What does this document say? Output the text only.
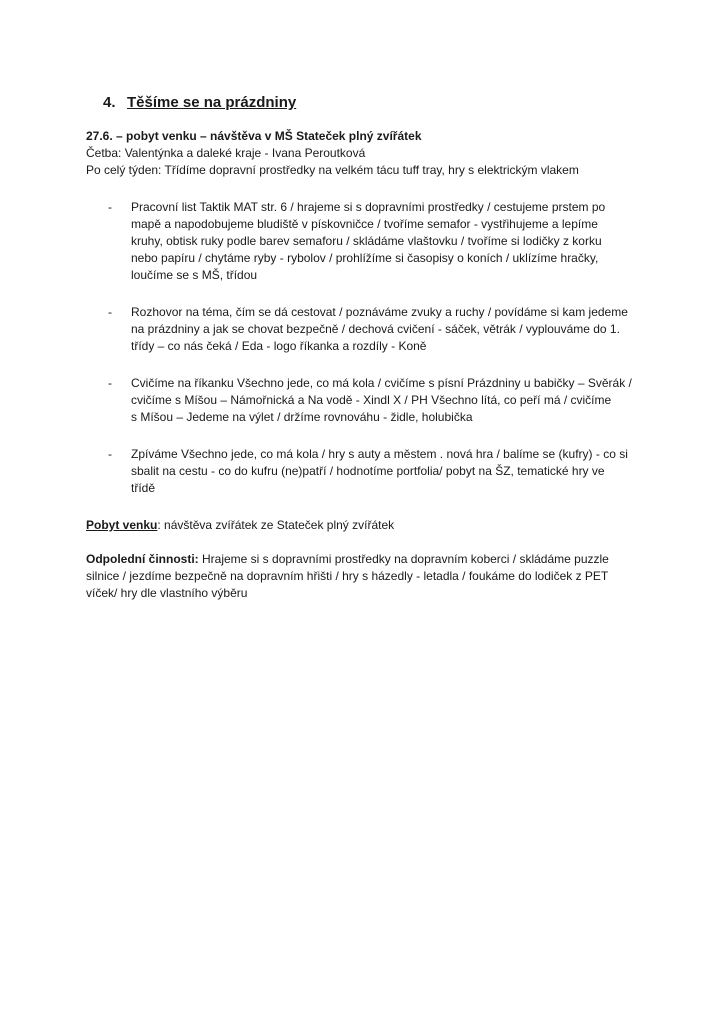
4. Těšíme se na prázdniny
27.6. – pobyt venku – návštěva v MŠ Stateček plný zvířátek
Četba: Valentýnka a daleké kraje - Ivana Peroutková
Po celý týden: Třídíme dopravní prostředky na velkém tácu tuff tray, hry s elektrickým vlakem
- Pracovní list Taktik MAT str. 6 / hrajeme si s dopravními prostředky / cestujeme prstem po
mapě a napodobujeme bludiště v pískovničce / tvoříme semafor - vystřihujeme a lepíme
kruhy, obtisk ruky podle barev semaforu / skládáme vlaštovku / tvoříme si lodičky z korku
nebo papíru / chytáme ryby - rybolov / prohlížíme si časopisy o koních / uklízíme hračky,
loučíme se s MŠ, třídou
- Rozhovor na téma, čím se dá cestovat / poznáváme zvuky a ruchy / povídáme si kam jedeme
na prázdniny a jak se chovat bezpečně / dechová cvičení - sáček, větrák / vyplouváme do 1.
třídy – co nás čeká / Eda - logo říkanka a rozdíly - Koně
- Cvičíme na říkanku Všechno jede, co má kola / cvičíme s písní Prázdniny u babičky – Svěrák /
cvičíme s Míšou – Námořnická a Na vodě - Xindl X / PH Všechno lítá, co peří má / cvičíme
s Míšou – Jedeme na výlet / držíme rovnováhu - židle, holubička
- Zpíváme Všechno jede, co má kola / hry s auty a městem . nová hra / balíme se (kufry) - co si
sbalit na cestu - co do kufru (ne)patří / hodnotíme portfolia/ pobyt na ŠZ, tematické hry ve
třídě
Pobyt venku: návštěva zvířátek ze Stateček plný zvířátek
Odpolední činnosti: Hrajeme si s dopravními prostředky na dopravním koberci / skládáme puzzle
silnice / jezdíme bezpečně na dopravním hřišti / hry s házedly - letadla / foukáme do lodiček z PET
víček/ hry dle vlastního výběru
